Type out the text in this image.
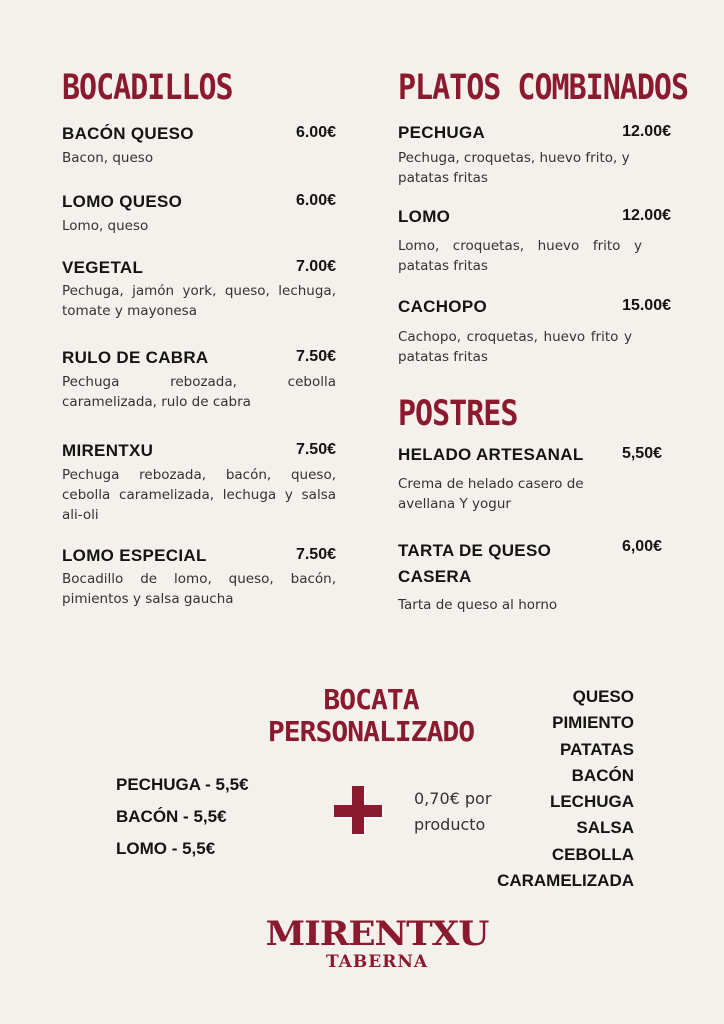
BOCADILLOS
BACÓN QUESO	6.00€
Bacon, queso
LOMO QUESO	6.00€
Lomo, queso
VEGETAL	7.00€
Pechuga, jamón york, queso, lechuga, tomate y mayonesa
RULO DE CABRA	7.50€
Pechuga rebozada, cebolla caramelizada, rulo de cabra
MIRENTXU	7.50€
Pechuga rebozada, bacón, queso, cebolla caramelizada, lechuga y salsa ali-oli
LOMO ESPECIAL	7.50€
Bocadillo de lomo, queso, bacón, pimientos y salsa gaucha
PLATOS COMBINADOS
PECHUGA	12.00€
Pechuga, croquetas, huevo frito, y patatas fritas
LOMO	12.00€
Lomo, croquetas, huevo frito y patatas fritas
CACHOPO	15.00€
Cachopo, croquetas, huevo frito y patatas fritas
POSTRES
HELADO ARTESANAL	5,50€
Crema de helado casero de avellana Y yogur
TARTA DE QUESO CASERA
6,00€
Tarta de queso al horno
BOCATA
PERSONALIZADO
PECHUGA - 5,5€
BACÓN - 5,5€
LOMO - 5,5€
0,70€ por
producto
QUESO
PIMIENTO
PATATAS
BACÓN
LECHUGA
SALSA
CEBOLLA
CARAMELIZADA
MIRENTXU
TABERNA
